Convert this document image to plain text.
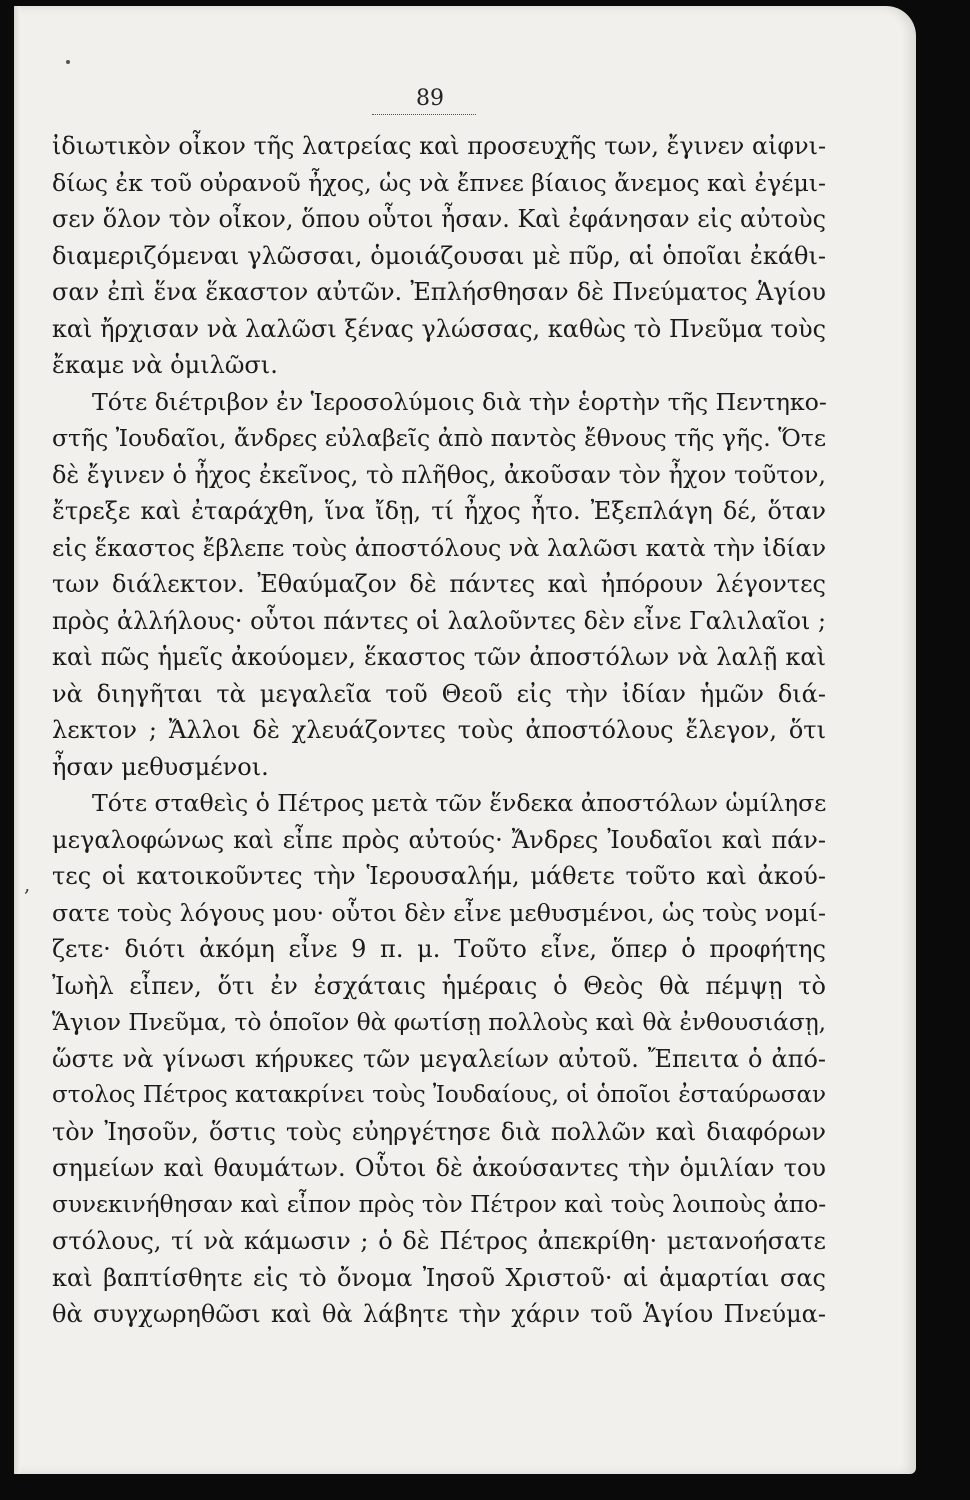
89
,
ἰδιωτικὸν οἶκον τῆς λατρείας καὶ προσευχῆς των, ἔγινεν αἰφνι-
δίως ἐκ τοῦ οὐρανοῦ ἦχος, ὡς νὰ ἔπνεε βίαιος ἄνεμος καὶ ἐγέμι-
σεν ὅλον τὸν οἶκον, ὅπου οὗτοι ἦσαν. Καὶ ἐφάνησαν εἰς αὐτοὺς
διαμεριζόμεναι γλῶσσαι, ὁμοιάζουσαι μὲ πῦρ, αἱ ὁποῖαι ἐκάθι-
σαν ἐπὶ ἕνα ἕκαστον αὐτῶν. Ἐπλήσθησαν δὲ Πνεύματος Ἁγίου
καὶ ἤρχισαν νὰ λαλῶσι ξένας γλώσσας, καθὼς τὸ Πνεῦμα τοὺς
ἔκαμε νὰ ὁμιλῶσι.
Τότε διέτριβον ἐν Ἱεροσολύμοις διὰ τὴν ἑορτὴν τῆς Πεντηκο-
στῆς Ἰουδαῖοι, ἄνδρες εὐλαβεῖς ἀπὸ παντὸς ἔθνους τῆς γῆς. Ὅτε
δὲ ἔγινεν ὁ ἦχος ἐκεῖνος, τὸ πλῆθος, ἀκοῦσαν τὸν ἦχον τοῦτον,
ἔτρεξε καὶ ἐταράχθη, ἵνα ἴδῃ, τί ἦχος ἦτο. Ἐξεπλάγη δέ, ὅταν
εἰς ἕκαστος ἔβλεπε τοὺς ἀποστόλους νὰ λαλῶσι κατὰ τὴν ἰδίαν
των διάλεκτον. Ἐθαύμαζον δὲ πάντες καὶ ἠπόρουν λέγοντες
πρὸς ἀλλήλους· οὗτοι πάντες οἱ λαλοῦντες δὲν εἶνε Γαλιλαῖοι ;
καὶ πῶς ἡμεῖς ἀκούομεν, ἕκαστος τῶν ἀποστόλων νὰ λαλῇ καὶ
νὰ διηγῆται τὰ μεγαλεῖα τοῦ Θεοῦ εἰς τὴν ἰδίαν ἡμῶν διά-
λεκτον ; Ἄλλοι δὲ χλευάζοντες τοὺς ἀποστόλους ἔλεγον, ὅτι
ἦσαν μεθυσμένοι.
Τότε σταθεὶς ὁ Πέτρος μετὰ τῶν ἕνδεκα ἀποστόλων ὡμίλησε
μεγαλοφώνως καὶ εἶπε πρὸς αὐτούς· Ἄνδρες Ἰουδαῖοι καὶ πάν-
τες οἱ κατοικοῦντες τὴν Ἱερουσαλήμ, μάθετε τοῦτο καὶ ἀκού-
σατε τοὺς λόγους μου· οὗτοι δὲν εἶνε μεθυσμένοι, ὡς τοὺς νομί-
ζετε· διότι ἀκόμη εἶνε 9 π. μ. Τοῦτο εἶνε, ὅπερ ὁ προφήτης
Ἰωὴλ εἶπεν, ὅτι ἐν ἐσχάταις ἡμέραις ὁ Θεὸς θὰ πέμψῃ τὸ
Ἅγιον Πνεῦμα, τὸ ὁποῖον θὰ φωτίσῃ πολλοὺς καὶ θὰ ἐνθουσιάσῃ,
ὥστε νὰ γίνωσι κήρυκες τῶν μεγαλείων αὐτοῦ. Ἔπειτα ὁ ἀπό-
στολος Πέτρος κατακρίνει τοὺς Ἰουδαίους, οἱ ὁποῖοι ἐσταύρωσαν
τὸν Ἰησοῦν, ὅστις τοὺς εὐηργέτησε διὰ πολλῶν καὶ διαφόρων
σημείων καὶ θαυμάτων. Οὗτοι δὲ ἀκούσαντες τὴν ὁμιλίαν του
συνεκινήθησαν καὶ εἶπον πρὸς τὸν Πέτρον καὶ τοὺς λοιποὺς ἀπο-
στόλους, τί νὰ κάμωσιν ; ὁ δὲ Πέτρος ἀπεκρίθη· μετανοήσατε
καὶ βαπτίσθητε εἰς τὸ ὄνομα Ἰησοῦ Χριστοῦ· αἱ ἁμαρτίαι σας
θὰ συγχωρηθῶσι καὶ θὰ λάβητε τὴν χάριν τοῦ Ἁγίου Πνεύμα-
